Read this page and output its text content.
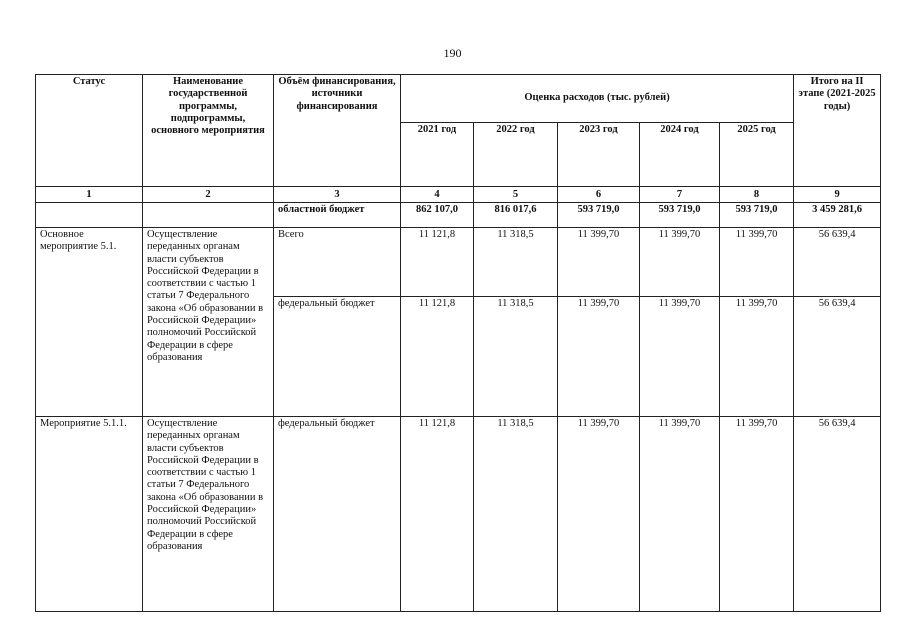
190
Статус	Наименование государственной программы, подпрограммы, основного мероприятия	Объём финансирования, источники финансирования	Оценка расходов (тыс. рублей)					Итого на II этапе (2021-2025 годы)
			2021 год	2022 год	2023 год	2024 год	2025 год	
1	2	3	4	5	6	7	8	9
		областной бюджет	862 107,0	816 017,6	593 719,0	593 719,0	593 719,0	3 459 281,6
Основное мероприятие 5.1.	Осуществление переданных органам власти субъектов Российской Федерации в соответствии с частью 1 статьи 7 Федерального закона «Об образовании в Российской Федерации» полномочий Российской Федерации в сфере образования	Всего	11 121,8	11 318,5	11 399,70	11 399,70	11 399,70	56 639,4
		федеральный бюджет	11 121,8	11 318,5	11 399,70	11 399,70	11 399,70	56 639,4
Мероприятие 5.1.1.	Осуществление переданных органам власти субъектов Российской Федерации в соответствии с частью 1 статьи 7 Федерального закона «Об образовании в Российской Федерации» полномочий Российской Федерации в сфере образования	федеральный бюджет	11 121,8	11 318,5	11 399,70	11 399,70	11 399,70	56 639,4
